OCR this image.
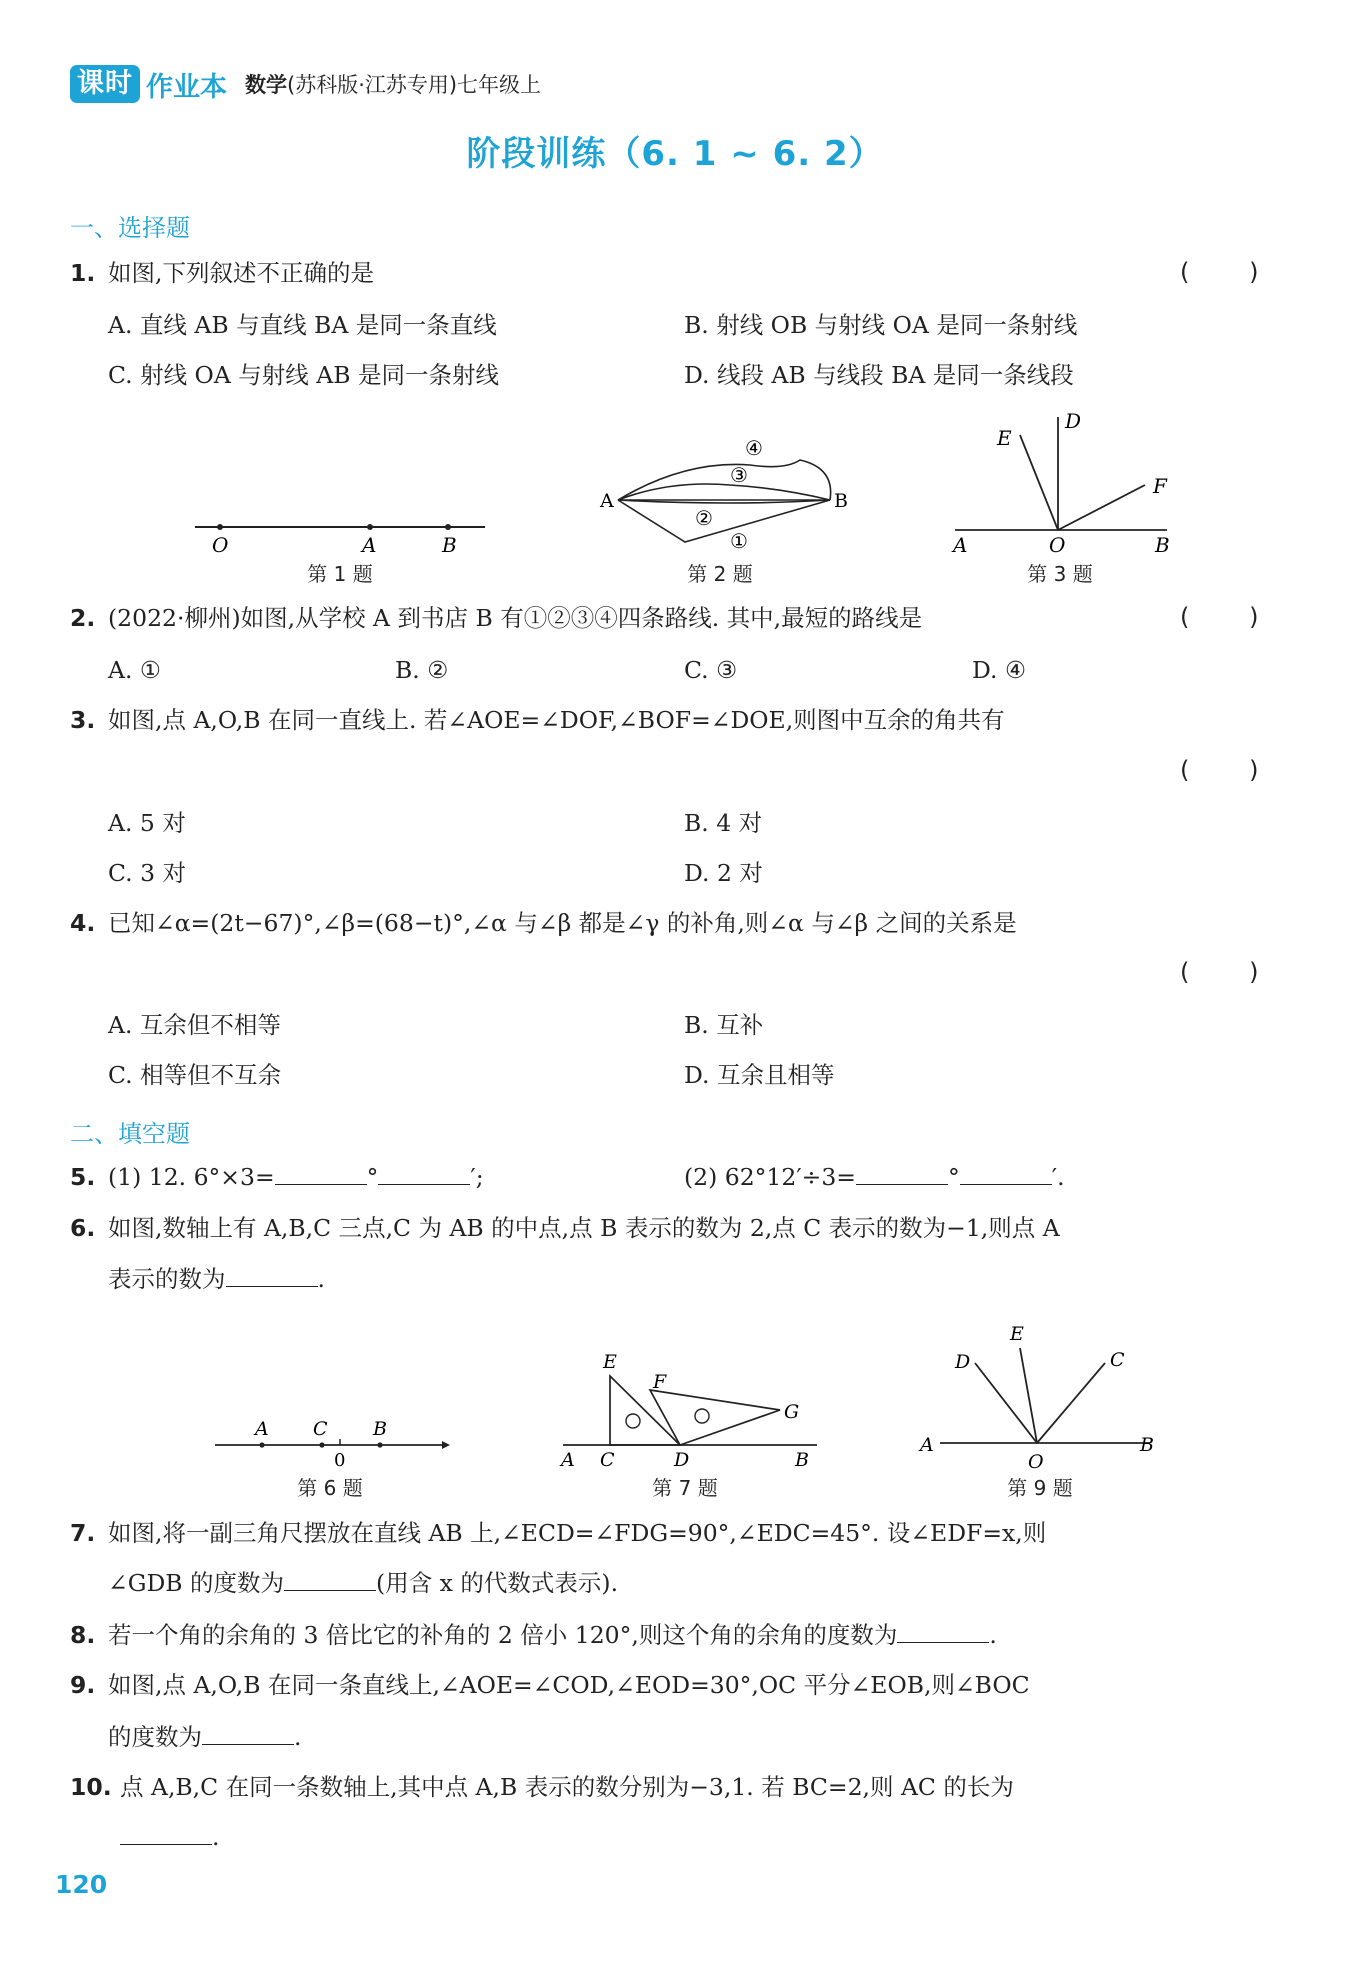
课时 作业本 数学(苏科版·江苏专用)七年级上
阶段训练（6. 1 ~ 6. 2）
一、选择题
1. 如图,下列叙述不正确的是	(      )
A. 直线 AB 与直线 BA 是同一条直线	B. 射线 OB 与射线 OA 是同一条射线
C. 射线 OA 与射线 AB 是同一条射线	D. 线段 AB 与线段 BA 是同一条线段
O	A	B
第 1 题
A	B
④
③
②
①
第 2 题
E
D
F
A	O	B
第 3 题
2. (2022·柳州)如图,从学校 A 到书店 B 有①②③④四条路线. 其中,最短的路线是	(      )
A. ①	B. ②	C. ③	D. ④
3. 如图,点 A,O,B 在同一直线上. 若∠AOE=∠DOF,∠BOF=∠DOE,则图中互余的角共有
(      )
A. 5 对	B. 4 对
C. 3 对	D. 2 对
4. 已知∠α=(2t−67)°,∠β=(68−t)°,∠α 与∠β 都是∠γ 的补角,则∠α 与∠β 之间的关系是
(      )
A. 互余但不相等	B. 互补
C. 相等但不互余	D. 互余且相等
二、填空题
5. (1) 12. 6°×3=	°	′;	(2) 62°12′÷3=	°	′.
6. 如图,数轴上有 A,B,C 三点,C 为 AB 的中点,点 B 表示的数为 2,点 C 表示的数为−1,则点 A
表示的数为	.
A C B
0
第 6 题
E
F
G
A C	D	B
第 7 题
D
E
C
A
O
B
第 9 题
7. 如图,将一副三角尺摆放在直线 AB 上,∠ECD=∠FDG=90°,∠EDC=45°. 设∠EDF=x,则
∠GDB 的度数为	(用含 x 的代数式表示).
8. 若一个角的余角的 3 倍比它的补角的 2 倍小 120°,则这个角的余角的度数为	.
9. 如图,点 A,O,B 在同一条直线上,∠AOE=∠COD,∠EOD=30°,OC 平分∠EOB,则∠BOC
的度数为	.
10. 点 A,B,C 在同一条数轴上,其中点 A,B 表示的数分别为−3,1. 若 BC=2,则 AC 的长为
.
120
